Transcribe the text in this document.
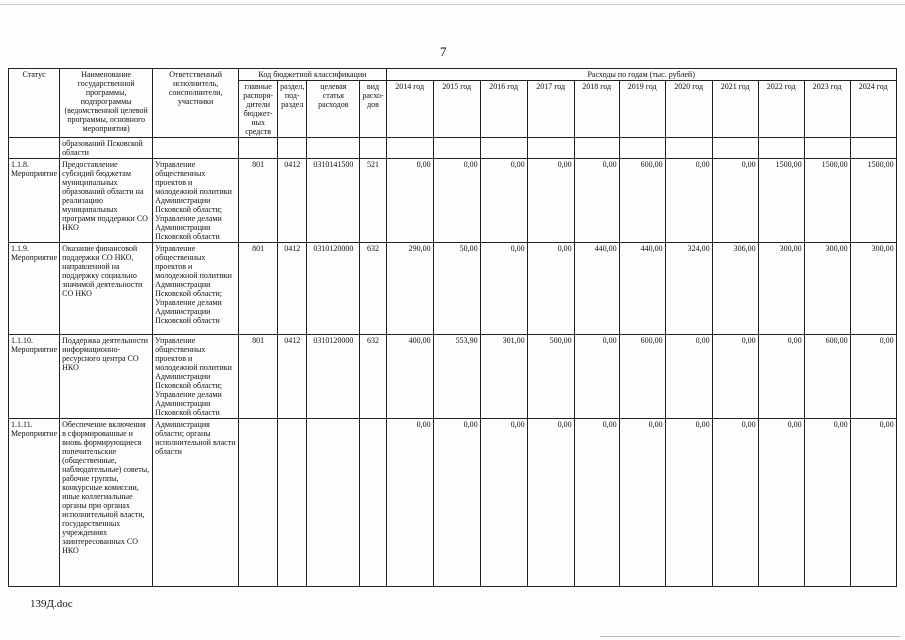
7
Статус	Наименование государственной программы, подпрограммы (ведомственной целевой программы, основного мероприятия)	Ответственный исполнитель, соисполнители, участники	Код бюджетной классификации				Расходы по годам (тыс. рублей)										
			главные распоря-дители бюджет-ных средств	раздел, под-раздел	целевая статья расходов	вид расхо-дов	2014 год	2015 год	2016 год	2017 год	2018 год	2019 год	2020 год	2021 год	2022 год	2023 год	2024 год
	образований Псковской области																
1.1.8. Мероприятие	Предоставление субсидий бюджетам муниципальных образований области на реализацию муниципальных программ поддержки СО НКО	Управление общественных проектов и молодежной политики Администрации Псковской области; Управление делами Администрации Псковской области	801	0412	0310141500	521	0,00	0,00	0,00	0,00	0,00	600,00	0,00	0,00	1500,00	1500,00	1500,00
1.1.9. Мероприятие	Оказание финансовой поддержки СО НКО, направленной на поддержку социально значимой деятельности СО НКО	Управление общественных проектов и молодежной политики Администрации Псковской области; Управление делами Администрации Псковской области	801	0412	0310120000	632	290,00	50,00	0,00	0,00	440,00	440,00	324,00	306,00	300,00	300,00	300,00
1.1.10. Мероприятие	Поддержка деятельности информационно-ресурсного центра СО НКО	Управление общественных проектов и молодежной политики Администрации Псковской области; Управление делами Администрации Псковской области	801	0412	0310120000	632	400,00	553,90	301,00	500,00	0,00	600,00	0,00	0,00	0,00	600,00	0,00
1.1.11. Мероприятие	Обеспечение включения в сформированные и вновь формирующиеся попечительские (общественные, наблюдательные) советы, рабочие группы, конкурсные комиссии, иные коллегиальные органы при органах исполнительной власти, государственных учреждениях заинтересованных СО НКО	Администрация области; органы исполнительной власти области					0,00	0,00	0,00	0,00	0,00	0,00	0,00	0,00	0,00	0,00	0,00
139Д.doc
